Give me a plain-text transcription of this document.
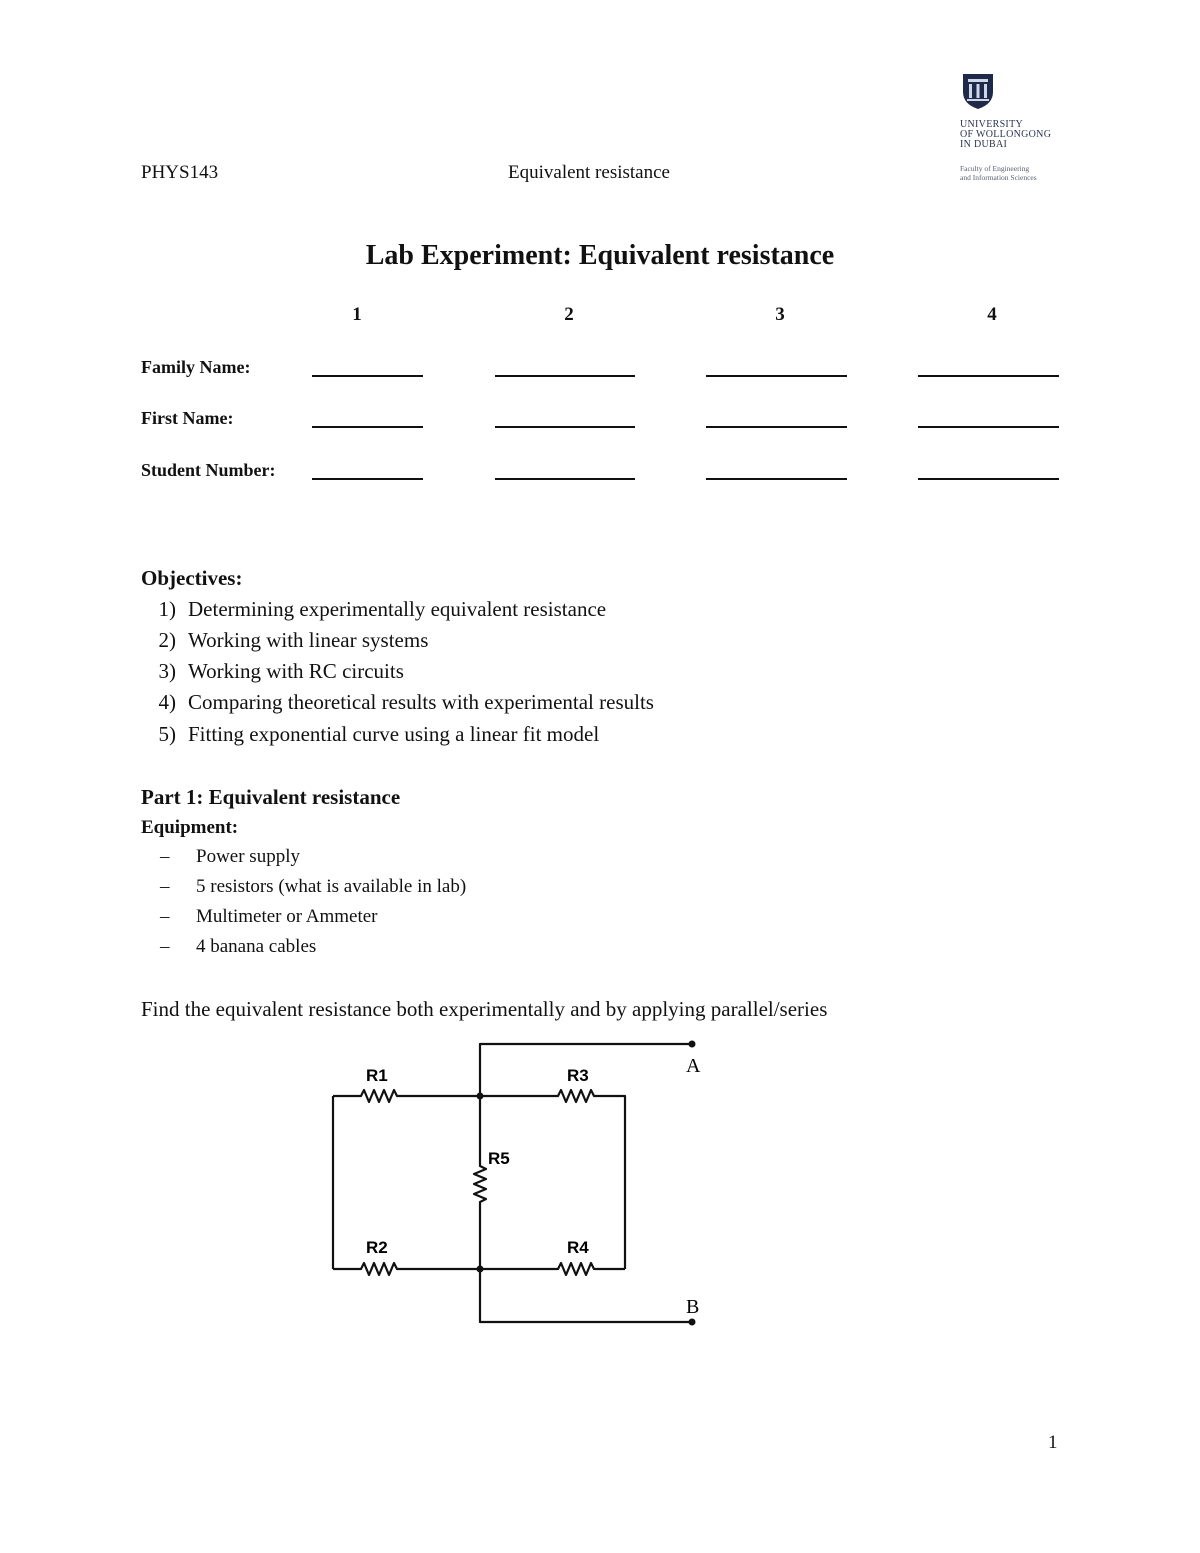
PHYS143	Equivalent resistance
UNIVERSITY
OF WOLLONGONG
IN DUBAI
Faculty of Engineering
and Information Sciences
Lab Experiment: Equivalent resistance
1	2	3	4
Family Name:
First Name:
Student Number:
Objectives:
1) Determining experimentally equivalent resistance
2) Working with linear systems
3) Working with RC circuits
4) Comparing theoretical results with experimental results
5) Fitting exponential curve using a linear fit model
Part 1: Equivalent resistance
Equipment:
– Power supply
– 5 resistors (what is available in lab)
– Multimeter or Ammeter
– 4 banana cables
Find the equivalent resistance both experimentally and by applying parallel/series
R1
R2
R3
R4
R5
A
B
1
